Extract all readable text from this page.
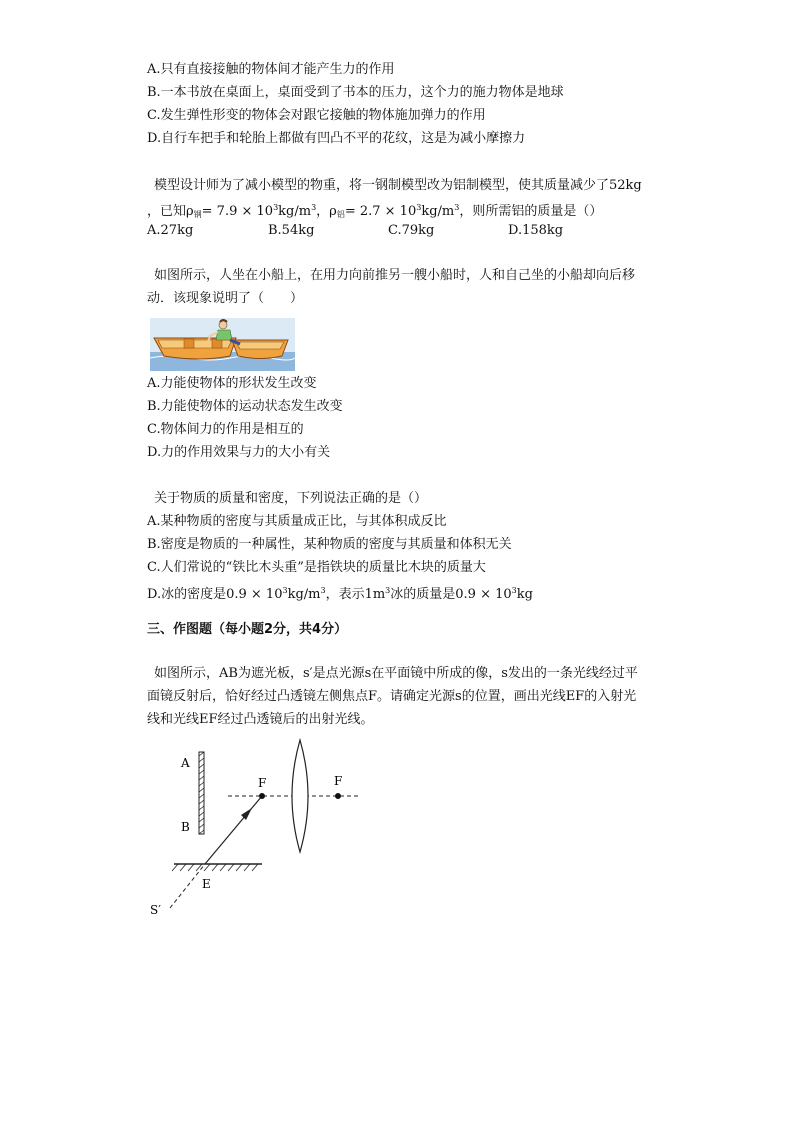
A.只有直接接触的物体间才能产生力的作用
B.一本书放在桌面上，桌面受到了书本的压力，这个力的施力物体是地球
C.发生弹性形变的物体会对跟它接触的物体施加弹力的作用
D.自行车把手和轮胎上都做有凹凸不平的花纹，这是为减小摩擦力
模型设计师为了减小模型的物重，将一钢制模型改为铝制模型，使其质量减少了52kg
，已知$\rho_钢= 7.9 \times 10^3kg/m^3$，$\rho_铝= 2.7 \times 10^3kg/m^3$，则所需铝的质量是（）
A.27kg	B.54kg	C.79kg	D.158kg
如图所示，人坐在小船上，在用力向前推另一艘小船时，人和自己坐的小船却向后移
动．该现象说明了（　　）
A.力能使物体的形状发生改变
B.力能使物体的运动状态发生改变
C.物体间力的作用是相互的
D.力的作用效果与力的大小有关
关于物质的质量和密度，下列说法正确的是（）
A.某种物质的密度与其质量成正比，与其体积成反比
B.密度是物质的一种属性，某种物质的密度与其质量和体积无关
C.人们常说的“铁比木头重”是指铁块的质量比木块的质量大
D.冰的密度是$0.9 \times 10^3kg/m^3$，表示$1m^3$冰的质量是$0.9 \times 10^3kg$
三、作图题（每小题2分，共4分）
如图所示，AB为遮光板，s′是点光源s在平面镜中所成的像，s发出的一条光线经过平
面镜反射后，恰好经过凸透镜左侧焦点F。请确定光源s的位置，画出光线EF的入射光
线和光线EF经过凸透镜后的出射光线。
A
B
F	F
E
S′
